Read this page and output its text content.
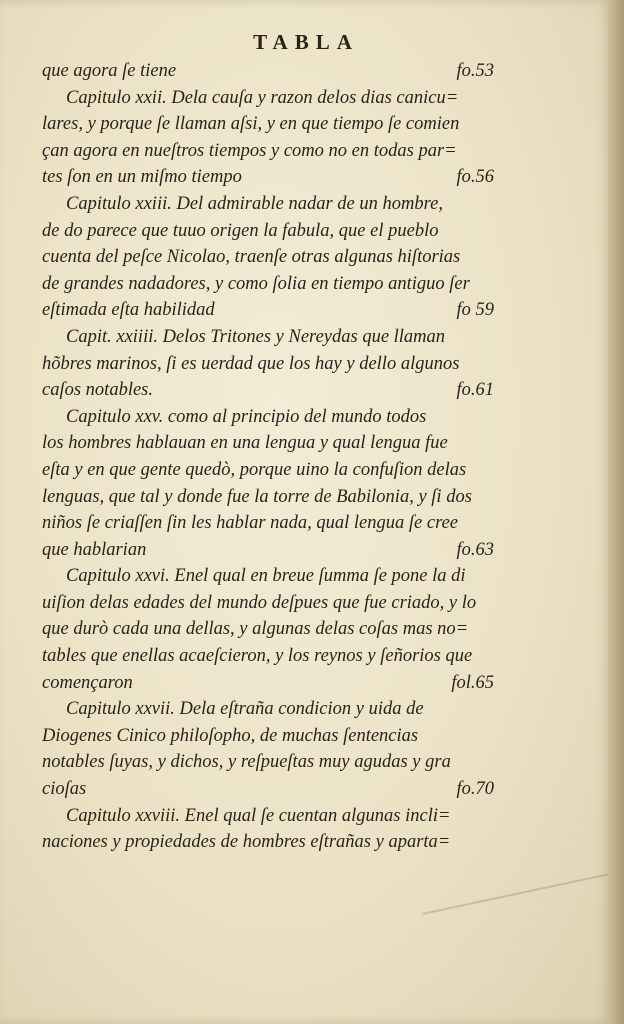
TABLA
que agora ſe tiene	fo.53
Capitulo xxii. Dela cauſa y razon delos dias canicu=
lares, y porque ſe llaman aſsi, y en que tiempo ſe comien
çan agora en nueſtros tiempos y como no en todas par=
tes ſon en un miſmo tiempo	fo.56
Capitulo xxiii. Del admirable nadar de un hombre,
de do parece que tuuo origen la fabula, que el pueblo
cuenta del peſce Nicolao, traenſe otras algunas hiſtorias
de grandes nadadores, y como ſolia en tiempo antiguo ſer
eſtimada eſta habilidad	fo 59
Capit. xxiiii. Delos Tritones y Nereydas que llaman
hõbres marinos, ſi es uerdad que los hay y dello algunos
caſos notables.	fo.61
Capitulo xxv. como al principio del mundo todos
los hombres hablauan en una lengua y qual lengua fue
eſta y en que gente quedò, porque uino la confuſion delas
lenguas, que tal y donde fue la torre de Babilonia, y ſi dos
niños ſe criaſſen ſin les hablar nada, qual lengua ſe cree
que hablarian	fo.63
Capitulo xxvi. Enel qual en breue ſumma ſe pone la di
uiſion delas edades del mundo deſpues que fue criado, y lo
que durò cada una dellas, y algunas delas coſas mas no=
tables que enellas acaeſcieron, y los reynos y ſeñorios que
començaron	fol.65
Capitulo xxvii. Dela eſtraña condicion y uida de
Diogenes Cinico philoſopho, de muchas ſentencias
notables ſuyas, y dichos, y reſpueſtas muy agudas y gra
cioſas	fo.70
Capitulo xxviii. Enel qual ſe cuentan algunas incli=
naciones y propiedades de hombres eſtrañas y aparta=
